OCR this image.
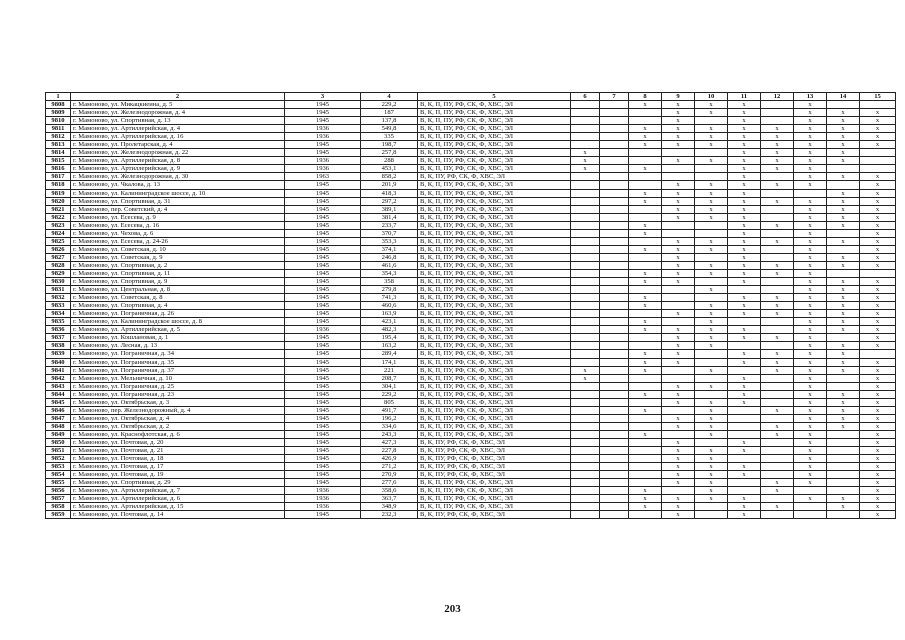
1	2	3	4	5	6	7	8	9	10	11	12	13	14	15
9808	г. Мамоново, ул. Микацкиеина, д. 5	1945	229,2	В, К, П, ПУ, РФ, СК, Ф, ХВС, ЭЛ			x	x	x	x		x		
9809	г. Мамоново, ул. Железнодорожная, д. 4	1945	187	В, К, П, ПУ, РФ, СК, Ф, ХВС, ЭЛ				x	x	x		x	x	x
9810	г. Мамоново, ул. Спортивная, д. 13	1945	137,8	В, К, П, ПУ, РФ, СК, Ф, ХВС, ЭЛ				x		x		x	x	x
9811	г. Мамоново, ул. Артиллерийская, д. 4	1936	549,8	В, К, П, ПУ, РФ, СК, Ф, ХВС, ЭЛ			x	x	x	x	x	x	x	x
9812	г. Мамоново, ул. Артиллерийская, д. 16	1936	335	В, К, П, ПУ, РФ, СК, Ф, ХВС, ЭЛ			x	x	x	x	x	x	x	x
9813	г. Мамоново, ул. Пролетарская, д. 4	1945	198,7	В, К, П, ПУ, РФ, СК, Ф, ХВС, ЭЛ			x	x	x	x	x	x	x	x
9814	г. Мамоново, ул. Железнодорожная, д. 22	1945	257,8	В, К, П, ПУ, РФ, СК, Ф, ХВС, ЭЛ	x					x	x	x	x	
9815	г. Мамоново, ул. Артиллерийская, д. 8	1936	288	В, К, П, ПУ, РФ, СК, Ф, ХВС, ЭЛ	x			x	x	x	x	x	x	
9816	г. Мамоново, ул. Артиллерийская, д. 9	1936	453,1	В, К, П, ПУ, РФ, СК, Ф, ХВС, ЭЛ	x		x			x	x	x		
9817	г. Мамоново, ул. Железнодорожная, д. 30	1963	858,2	В, К, ПУ, РФ, СК, Ф, ХВС, ЭЛ						x		x	x	x
9818	г. Мамоново, ул. Чкалова, д. 13	1945	201,9	В, К, П, ПУ, РФ, СК, Ф, ХВС, ЭЛ				x	x	x	x	x		x
9819	г. Мамоново, ул. Калининградское шоссе, д. 10	1945	418,3	В, К, П, ПУ, РФ, СК, Ф, ХВС, ЭЛ			x	x	x	x			x	x
9820	г. Мамоново, ул. Спортивная, д. 31	1945	297,2	В, К, П, ПУ, РФ, СК, Ф, ХВС, ЭЛ			x	x	x	x	x	x	x	x
9821	г. Мамоново, пер. Советский, д. 4	1945	389,1	В, К, П, ПУ, РФ, СК, Ф, ХВС, ЭЛ				x	x	x		x	x	x
9822	г. Мамоново, ул. Есесева, д. 9	1945	381,4	В, К, П, ПУ, РФ, СК, Ф, ХВС, ЭЛ				x	x	x		x	x	x
9823	г. Мамоново, ул. Есесева, д. 16	1945	233,7	В, К, П, ПУ, РФ, СК, Ф, ХВС, ЭЛ			x			x	x	x	x	x
9824	г. Мамоново, ул. Чехова, д. 6	1945	370,7	В, К, П, ПУ, РФ, СК, Ф, ХВС, ЭЛ			x			x		x		x
9825	г. Мамоново, ул. Есесева, д. 24-26	1945	353,3	В, К, П, ПУ, РФ, СК, Ф, ХВС, ЭЛ				x	x	x	x	x	x	x
9826	г. Мамоново, ул. Советская, д. 10	1945	374,1	В, К, П, ПУ, РФ, СК, Ф, ХВС, ЭЛ			x	x	x	x		x		x
9827	г. Мамоново, ул. Советская, д. 9	1945	246,8	В, К, П, ПУ, РФ, СК, Ф, ХВС, ЭЛ				x		x		x	x	x
9828	г. Мамоново, ул. Спортивная, д. 2	1945	461,6	В, К, П, ПУ, РФ, СК, Ф, ХВС, ЭЛ				x	x	x	x	x	x	x
9829	г. Мамоново, ул. Спортивная, д. 11	1945	354,3	В, К, П, ПУ, РФ, СК, Ф, ХВС, ЭЛ			x	x	x	x	x	x		
9830	г. Мамоново, ул. Спортивная, д. 9	1945	358	В, К, П, ПУ, РФ, СК, Ф, ХВС, ЭЛ			x	x		x		x	x	x
9831	г. Мамоново, ул. Центральная, д. 8	1945	279,8	В, К, П, ПУ, РФ, СК, Ф, ХВС, ЭЛ					x			x	x	x
9832	г. Мамоново, ул. Советская, д. 8	1945	741,3	В, К, П, ПУ, РФ, СК, Ф, ХВС, ЭЛ			x			x	x	x	x	x
9833	г. Мамоново, ул. Спортивная, д. 4	1945	460,6	В, К, П, ПУ, РФ, СК, Ф, ХВС, ЭЛ			x		x	x	x	x	x	x
9834	г. Мамоново, ул. Пограничная, д. 26	1945	163,9	В, К, П, ПУ, РФ, СК, Ф, ХВС, ЭЛ				x	x	x	x	x	x	x
9835	г. Мамоново, ул. Калининградское шоссе, д. 8	1945	423,1	В, К, П, ПУ, РФ, СК, Ф, ХВС, ЭЛ			x		x			x	x	x
9836	г. Мамоново, ул. Артиллерийская, д. 5	1936	482,3	В, К, П, ПУ, РФ, СК, Ф, ХВС, ЭЛ			x	x	x	x		x	x	x
9837	г. Мамоново, ул. Кошлановая, д. 1	1945	195,4	В, К, П, ПУ, РФ, СК, Ф, ХВС, ЭЛ				x	x	x	x	x		x
9838	г. Мамоново, ул. Лесная, д. 13	1945	163,2	В, К, П, ПУ, РФ, СК, Ф, ХВС, ЭЛ				x	x			x	x	x
9839	г. Мамоново, ул. Пограничная, д. 34	1945	289,4	В, К, П, ПУ, РФ, СК, Ф, ХВС, ЭЛ			x	x		x	x	x	x	
9840	г. Мамоново, ул. Пограничная, д. 35	1945	174,1	В, К, П, ПУ, РФ, СК, Ф, ХВС, ЭЛ			x	x		x	x	x	x	x
9841	г. Мамоново, ул. Пограничная, д. 37	1945	221	В, К, П, ПУ, РФ, СК, Ф, ХВС, ЭЛ	x		x		x		x	x	x	x
9842	г. Мамоново, ул. Мельничная, д. 10	1945	208,7	В, К, П, ПУ, РФ, СК, Ф, ХВС, ЭЛ	x					x		x		x
9843	г. Мамоново, ул. Пограничная, д. 25	1945	304,1	В, К, П, ПУ, РФ, СК, Ф, ХВС, ЭЛ				x	x	x		x		x
9844	г. Мамоново, ул. Пограничная, д. 23	1945	229,2	В, К, П, ПУ, РФ, СК, Ф, ХВС, ЭЛ			x	x		x		x	x	x
9845	г. Мамоново, ул. Октябрьская, д. 3	1945	805	В, К, П, ПУ, РФ, СК, Ф, ХВС, ЭЛ				x	x	x		x	x	x
9846	г. Мамоново, пер. Железнодорожный, д. 4	1945	491,7	В, К, П, ПУ, РФ, СК, Ф, ХВС, ЭЛ			x		x		x	x	x	x
9847	г. Мамоново, ул. Октябрьская, д. 4	1945	196,2	В, К, П, ПУ, РФ, СК, Ф, ХВС, ЭЛ				x	x			x	x	x
9848	г. Мамоново, ул. Октябрьская, д. 2	1945	334,6	В, К, П, ПУ, РФ, СК, Ф, ХВС, ЭЛ				x	x		x	x	x	x
9849	г. Мамоново, ул. Краснофлотская, д. 6	1945	243,3	В, К, П, ПУ, РФ, СК, Ф, ХВС, ЭЛ			x		x		x	x		x
9850	г. Мамоново, ул. Почтовая, д. 20	1945	427,3	В, К, ПУ, РФ, СК, Ф, ХВС, ЭЛ				x		x		x		x
9851	г. Мамоново, ул. Почтовая, д. 21	1945	227,8	В, К, ПУ, РФ, СК, Ф, ХВС, ЭЛ				x	x	x		x		x
9852	г. Мамоново, ул. Почтовая, д. 18	1945	426,9	В, К, ПУ, РФ, СК, Ф, ХВС, ЭЛ				x	x			x		x
9853	г. Мамоново, ул. Почтовая, д. 17	1945	271,2	В, К, ПУ, РФ, СК, Ф, ХВС, ЭЛ				x	x	x		x		x
9854	г. Мамоново, ул. Почтовая, д. 19	1945	270,9	В, К, ПУ, РФ, СК, Ф, ХВС, ЭЛ				x	x	x		x		x
9855	г. Мамоново, ул. Спортивная, д. 29	1945	277,6	В, К, П, ПУ, РФ, СК, Ф, ХВС, ЭЛ				x	x		x	x		x
9856	г. Мамоново, ул. Артиллерийская, д. 7	1936	358,6	В, К, П, ПУ, РФ, СК, Ф, ХВС, ЭЛ			x		x		x			x
9857	г. Мамоново, ул. Артиллерийская, д. 6	1936	363,7	В, К, П, ПУ, РФ, СК, Ф, ХВС, ЭЛ			x	x	x	x		x	x	x
9858	г. Мамоново, ул. Артиллерийская, д. 15	1936	348,9	В, К, П, ПУ, РФ, СК, Ф, ХВС, ЭЛ			x	x		x	x		x	x
9859	г. Мамоново, ул. Почтовая, д. 14	1945	232,3	В, К, ПУ, РФ, СК, Ф, ХВС, ЭЛ				x		x				x
203
